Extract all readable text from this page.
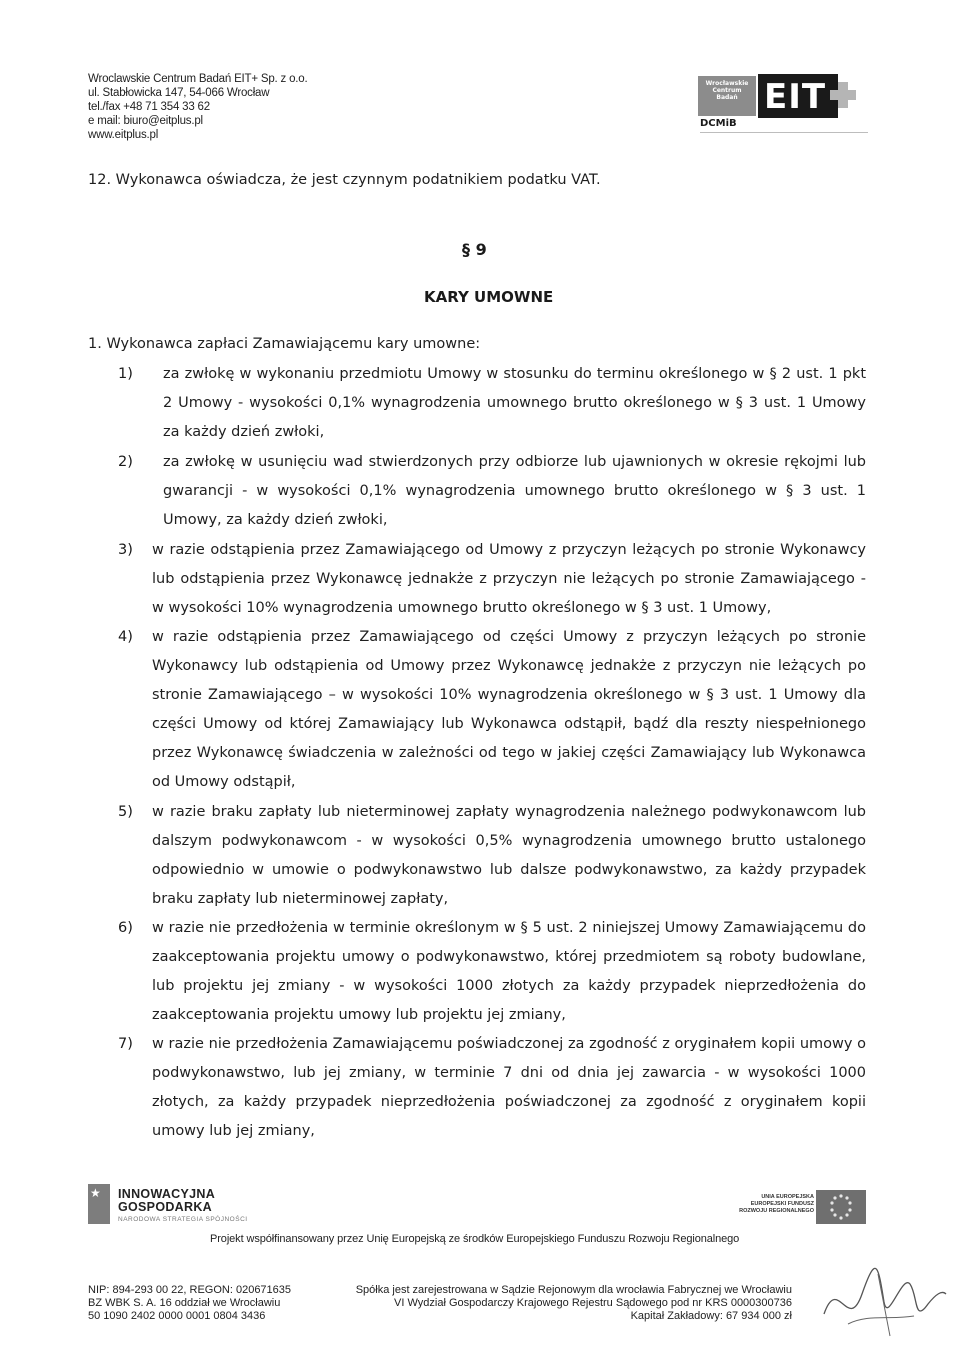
Wroclawskie Centrum Badań EIT+ Sp. z o.o.
ul. Stabłowicka 147, 54-066 Wrocław
tel./fax +48 71 354 33 62
e mail: biuro@eitplus.pl
www.eitplus.pl
Wrocławskie
Centrum
Badań EIT
DCMiB
12. Wykonawca oświadcza, że jest czynnym podatnikiem podatku VAT.
§ 9
KARY UMOWNE
1. Wykonawca zapłaci Zamawiającemu kary umowne:
1) za zwłokę w wykonaniu przedmiotu Umowy w stosunku do terminu określonego w § 2 ust. 1 pkt 2 Umowy - wysokości 0,1% wynagrodzenia umownego brutto określonego w § 3 ust. 1 Umowy za każdy dzień zwłoki,
2) za zwłokę w usunięciu wad stwierdzonych przy odbiorze lub ujawnionych w okresie rękojmi lub gwarancji - w wysokości 0,1% wynagrodzenia umownego brutto określonego w § 3 ust. 1 Umowy, za każdy dzień zwłoki,
3) w razie odstąpienia przez Zamawiającego od Umowy z przyczyn leżących po stronie Wykonawcy lub odstąpienia przez Wykonawcę jednakże z przyczyn nie leżących po stronie Zamawiającego - w wysokości 10% wynagrodzenia umownego brutto określonego w § 3 ust. 1 Umowy,
4) w razie odstąpienia przez Zamawiającego od części Umowy z przyczyn leżących po stronie Wykonawcy lub odstąpienia od Umowy przez Wykonawcę jednakże z przyczyn nie leżących po stronie Zamawiającego – w wysokości 10% wynagrodzenia określonego w § 3 ust. 1 Umowy dla części Umowy od której Zamawiający lub Wykonawca odstąpił, bądź dla reszty niespełnionego przez Wykonawcę świadczenia w zależności od tego w jakiej części Zamawiający lub Wykonawca od Umowy odstąpił,
5) w razie braku zapłaty lub nieterminowej zapłaty wynagrodzenia należnego podwykonawcom lub dalszym podwykonawcom - w wysokości 0,5% wynagrodzenia umownego brutto ustalonego odpowiednio w umowie o podwykonawstwo lub dalsze podwykonawstwo, za każdy przypadek braku zapłaty lub nieterminowej zapłaty,
6) w razie nie przedłożenia w terminie określonym w § 5 ust. 2 niniejszej Umowy Zamawiającemu do zaakceptowania projektu umowy o podwykonawstwo, której przedmiotem są roboty budowlane, lub projektu jej zmiany - w wysokości 1000 złotych za każdy przypadek nieprzedłożenia do zaakceptowania projektu umowy lub projektu jej zmiany,
7) w razie nie przedłożenia Zamawiającemu poświadczonej za zgodność z oryginałem kopii umowy o podwykonawstwo, lub jej zmiany, w terminie 7 dni od dnia jej zawarcia - w wysokości 1000 złotych, za każdy przypadek nieprzedłożenia poświadczonej za zgodność z oryginałem kopii umowy lub jej zmiany,
★ INNOWACYJNA
GOSPODARKA
NARODOWA STRATEGIA SPÓJNOŚCI
UNIA EUROPEJSKA
EUROPEJSKI FUNDUSZ
ROZWOJU REGIONALNEGO
Projekt współfinansowany przez Unię Europejską ze środków Europejskiego Funduszu Rozwoju Regionalnego
NIP: 894-293 00 22, REGON: 020671635
BZ WBK S. A. 16 oddział we Wrocławiu
50 1090 2402 0000 0001 0804 3436
Spółka jest zarejestrowana w Sądzie Rejonowym dla wrocławia Fabrycznej we Wrocławiu
VI Wydział Gospodarczy Krajowego Rejestru Sądowego pod nr KRS 0000300736
Kapitał Zakładowy: 67 934 000 zł
